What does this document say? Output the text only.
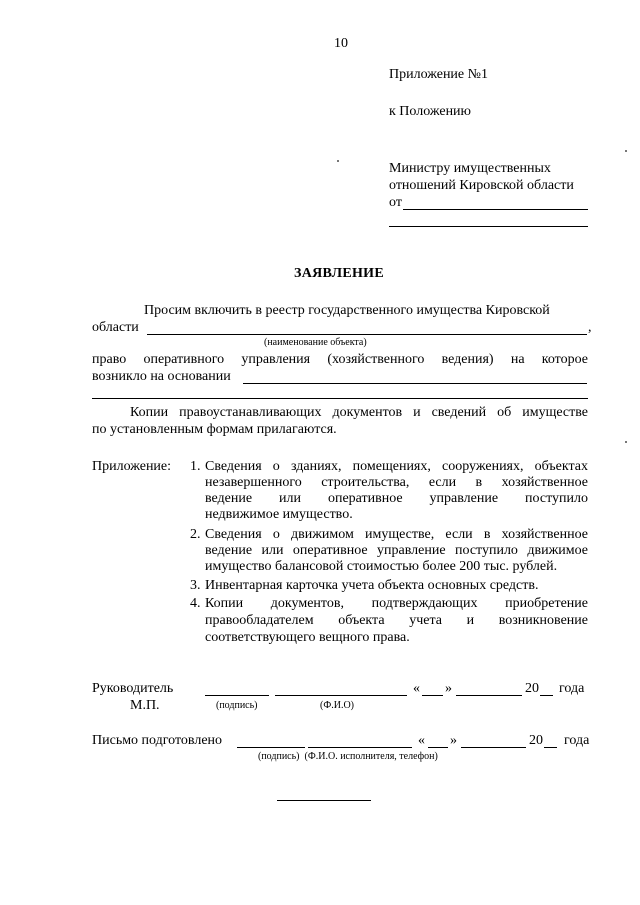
10
Приложение №1
к Положению
Министру имущественных
отношений Кировской области
от
ЗАЯВЛЕНИЕ
Просим включить в реестр государственного имущества Кировской
области	,
(наименование объекта)
право оперативного управления (хозяйственного ведения) на которое
возникло на основании
Копии правоустанавливающих документов и сведений об имуществе
по установленным формам прилагаются.
Приложение: 1. Сведения о зданиях, помещениях, сооружениях, объектах
незавершенного строительства, если в хозяйственное
ведение или оперативное управление поступило
недвижимое имущество.
2. Сведения о движимом имуществе, если в хозяйственное
ведение или оперативное управление поступило движимое
имущество балансовой стоимостью более 200 тыс. рублей.
3. Инвентарная карточка учета объекта основных средств.
4. Копии документов, подтверждающих приобретение
правообладателем объекта учета и возникновение
соответствующего вещного права.
Руководитель	« »	20 года
М.П.	(подпись)	(Ф.И.О)
Письмо подготовлено	« »	20 года
(подпись)  (Ф.И.О. исполнителя, телефон)
